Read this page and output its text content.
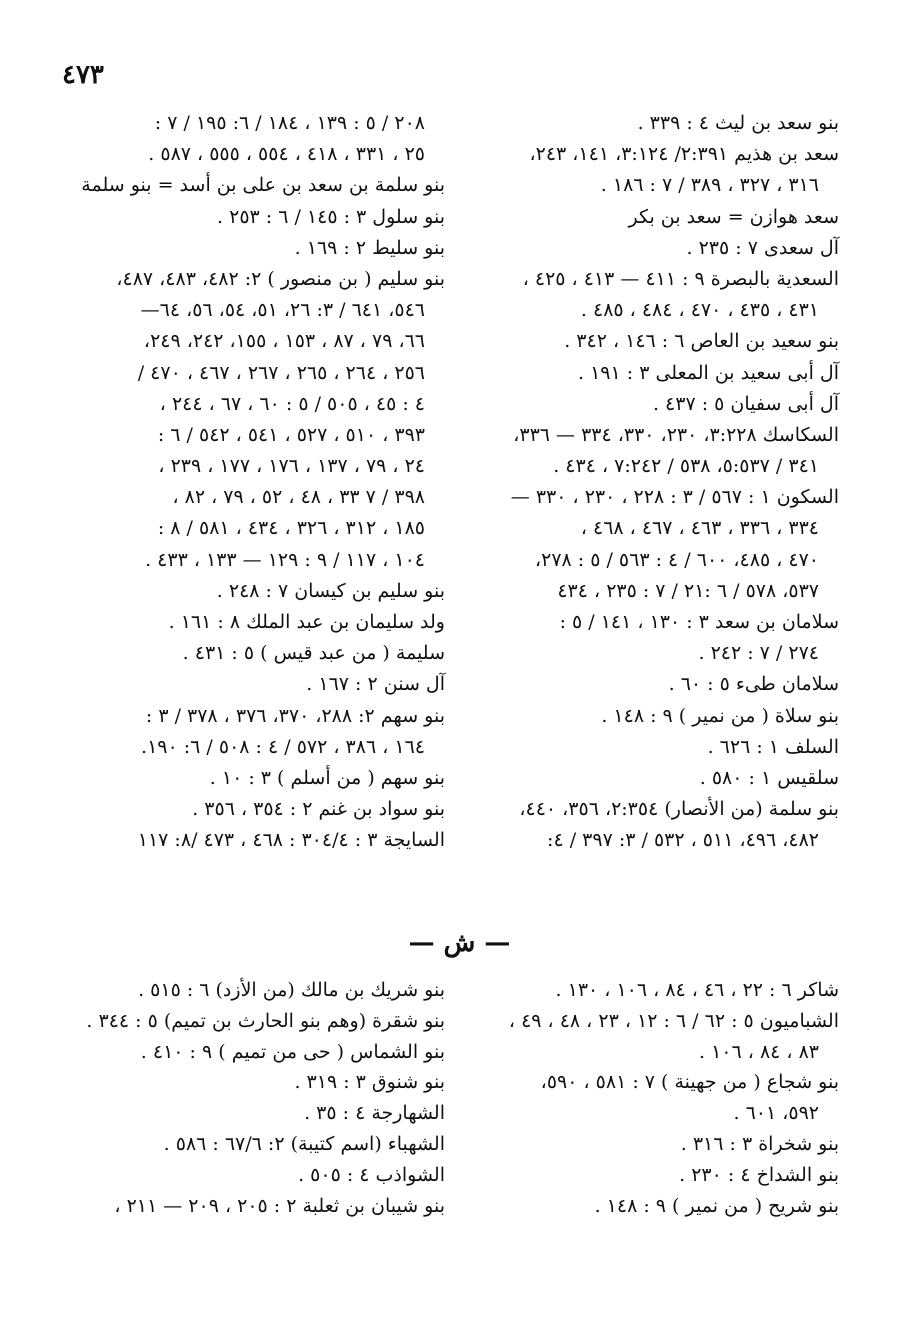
٤٧٣
بنو سعد بن ليث ٤ : ٣٣٩ .
سعد بن هذيم ٢:٣٩١/ ٣:١٢٤، ١٤١، ٢٤٣،
٣١٦ ، ٣٢٧ ، ٣٨٩ / ٧ : ١٨٦ .
سعد هوازن = سعد بن بكر
آل سعدى ٧ : ٢٣٥ .
السعدية بالبصرة ٩ : ٤١١ — ٤١٣ ، ٤٢٥ ،
٤٣١ ، ٤٣٥ ، ٤٧٠ ، ٤٨٤ ، ٤٨٥ .
بنو سعيد بن العاص ٦ : ١٤٦ ، ٣٤٢ .
آل أبى سعيد بن المعلى ٣ : ١٩١ .
آل أبى سفيان ٥ : ٤٣٧ .
السكاسك ٣:٢٢٨، ٢٣٠، ٣٣٠، ٣٣٤ — ٣٣٦،
٣٤١ / ٥:٥٣٧، ٥٣٨ / ٧:٢٤٢ ، ٤٣٤ .
السكون ١ : ٥٦٧ / ٣ : ٢٢٨ ، ٢٣٠ ، ٣٣٠ —
٣٣٤ ، ٣٣٦ ، ٤٦٣ ، ٤٦٧ ، ٤٦٨ ،
٤٧٠ ، ٤٨٥، ٦٠٠ / ٤ : ٥٦٣ / ٥ : ٢٧٨،
٥٣٧، ٥٧٨ / ٦ :٢١ / ٧ : ٢٣٥ ، ٤٣٤
سلامان بن سعد ٣ : ١٣٠ ، ١٤١ / ٥ :
٢٧٤ / ٧ : ٢٤٢ .
سلامان طىء ٥ : ٦٠ .
بنو سلاة ( من نمير ) ٩ : ١٤٨ .
السلف ١ : ٦٢٦ .
سلقيس ١ : ٥٨٠ .
بنو سلمة (من الأنصار) ٢:٣٥٤، ٣٥٦، ٤٤٠،
٤٨٢، ٤٩٦، ٥١١ ، ٥٣٢ / ٣: ٣٩٧ / ٤:
٢٠٨ / ٥ : ١٣٩ ، ١٨٤ / ٦: ١٩٥ / ٧ :
٢٥ ، ٣٣١ ، ٤١٨ ، ٥٥٤ ، ٥٥٥ ، ٥٨٧ .
بنو سلمة بن سعد بن على بن أسد = بنو سلمة
بنو سلول ٣ : ١٤٥ / ٦ : ٢٥٣ .
بنو سليط ٢ : ١٦٩ .
بنو سليم ( بن منصور ) ٢: ٤٨٢، ٤٨٣، ٤٨٧،
٥٤٦، ٦٤١ / ٣: ٢٦، ٥١، ٥٤، ٥٦، ٦٤—
٦٦، ٧٩ ، ٨٧ ، ١٥٣ ، ١٥٥، ٢٤٢، ٢٤٩،
٢٥٦ ، ٢٦٤ ، ٢٦٥ ، ٢٦٧ ، ٤٦٧ ، ٤٧٠ /
٤ : ٤٥ ، ٥٠٥ / ٥ : ٦٠ ، ٦٧ ، ٢٤٤ ،
٣٩٣ ، ٥١٠ ، ٥٢٧ ، ٥٤١ ، ٥٤٢ / ٦ :
٢٤ ، ٧٩ ، ١٣٧ ، ١٧٦ ، ١٧٧ ، ٢٣٩ ،
٣٩٨ / ٧ ٣٣ ، ٤٨ ، ٥٢ ، ٧٩ ، ٨٢ ،
١٨٥ ، ٣١٢ ، ٣٢٦ ، ٤٣٤ ، ٥٨١ / ٨ :
١٠٤ ، ١١٧ / ٩ : ١٢٩ — ١٣٣ ، ٤٣٣ .
بنو سليم بن كيسان ٧ : ٢٤٨ .
ولد سليمان بن عبد الملك ٨ : ١٦١ .
سليمة ( من عبد قيس ) ٥ : ٤٣١ .
آل سنن ٢ : ١٦٧ .
بنو سهم ٢: ٢٨٨، ٣٧٠، ٣٧٦ ، ٣٧٨ / ٣ :
١٦٤ ، ٣٨٦ ، ٥٧٢ / ٤ : ٥٠٨ / ٦: ١٩٠.
بنو سهم ( من أسلم ) ٣ : ١٠ .
بنو سواد بن غنم ٢ : ٣٥٤ ، ٣٥٦ .
السايجة ٣ : ٣٠٤/٤ : ٤٦٨ ، ٤٧٣ /٨: ١١٧
— ش —
شاكر ٦ : ٢٢ ، ٤٦ ، ٨٤ ، ١٠٦ ، ١٣٠ .
الشباميون ٥ : ٦٢ / ٦ : ١٢ ، ٢٣ ، ٤٨ ، ٤٩ ،
٨٣ ، ٨٤ ، ١٠٦ .
بنو شجاع ( من جهينة ) ٧ : ٥٨١ ، ٥٩٠،
٥٩٢، ٦٠١ .
بنو شخراة ٣ : ٣١٦ .
بنو الشداخ ٤ : ٢٣٠ .
بنو شريح ( من نمير ) ٩ : ١٤٨ .
بنو شريك بن مالك (من الأزد) ٦ : ٥١٥ .
بنو شقرة (وهم بنو الحارث بن تميم) ٥ : ٣٤٤ .
بنو الشماس ( حى من تميم ) ٩ : ٤١٠ .
بنو شنوق ٣ : ٣١٩ .
الشهارجة ٤ : ٣٥ .
الشهباء (اسم كتيبة) ٢: ٦٧/٦ : ٥٨٦ .
الشواذب ٤ : ٥٠٥ .
بنو شيبان بن ثعلبة ٢ : ٢٠٥ ، ٢٠٩ — ٢١١ ،
